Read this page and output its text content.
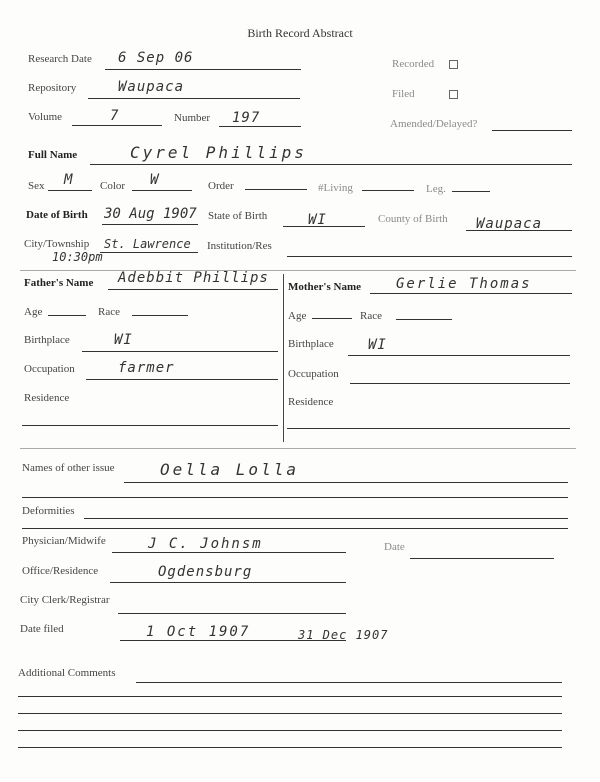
Birth Record Abstract
Research Date 6 Sep 06	Recorded
Repository	Waupaca	Filed
Volume	7	Number 197	Amended/Delayed?
Full Name	Cyrel Phillips
Sex M Color W	Order	#Living	Leg.
Date of Birth 30 Aug 1907 State of Birth	WI	County of Birth Waupaca
City/Township St. Lawrence
10:30pm
Institution/Res
Father's Name Adebbit Phillips
Age	Race
Birthplace	WI
Occupation	farmer
Residence
Mother's Name Gerlie Thomas
Age	Race
Birthplace WI
Occupation
Residence
Names of other issue	Oella Lolla
Deformities
Physician/Midwife	J C. Johnsm	Date
Office/Residence	Ogdensburg
City Clerk/Registrar
Date filed	1 Oct 1907	31 Dec 1907
Additional Comments
